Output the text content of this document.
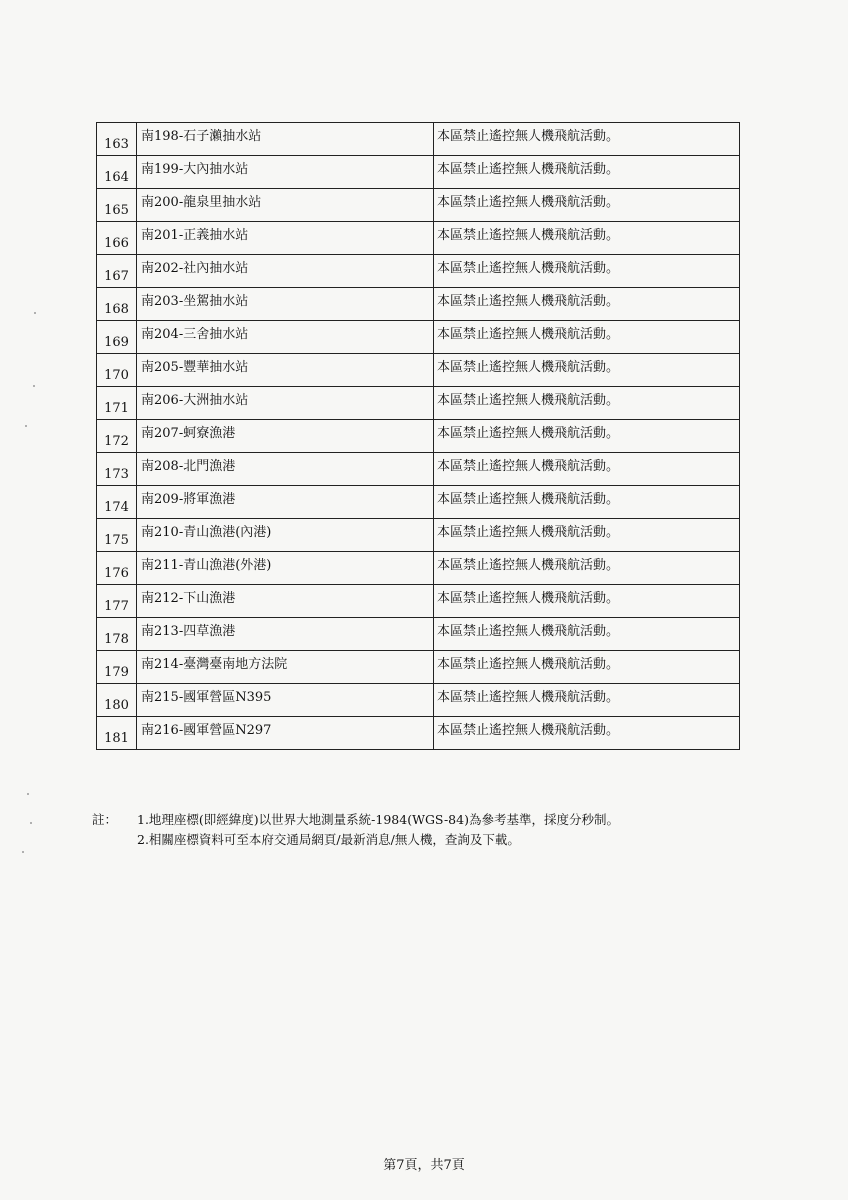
163	南198-石子瀨抽水站	本區禁止遙控無人機飛航活動。
164	南199-大內抽水站	本區禁止遙控無人機飛航活動。
165	南200-龍泉里抽水站	本區禁止遙控無人機飛航活動。
166	南201-正義抽水站	本區禁止遙控無人機飛航活動。
167	南202-社內抽水站	本區禁止遙控無人機飛航活動。
168	南203-坐駕抽水站	本區禁止遙控無人機飛航活動。
169	南204-三舍抽水站	本區禁止遙控無人機飛航活動。
170	南205-豐華抽水站	本區禁止遙控無人機飛航活動。
171	南206-大洲抽水站	本區禁止遙控無人機飛航活動。
172	南207-蚵寮漁港	本區禁止遙控無人機飛航活動。
173	南208-北門漁港	本區禁止遙控無人機飛航活動。
174	南209-將軍漁港	本區禁止遙控無人機飛航活動。
175	南210-青山漁港(內港)	本區禁止遙控無人機飛航活動。
176	南211-青山漁港(外港)	本區禁止遙控無人機飛航活動。
177	南212-下山漁港	本區禁止遙控無人機飛航活動。
178	南213-四草漁港	本區禁止遙控無人機飛航活動。
179	南214-臺灣臺南地方法院	本區禁止遙控無人機飛航活動。
180	南215-國軍營區N395	本區禁止遙控無人機飛航活動。
181	南216-國軍營區N297	本區禁止遙控無人機飛航活動。
註：	1.地理座標(即經緯度)以世界大地測量系統-1984(WGS-84)為參考基準，採度分秒制。
2.相關座標資料可至本府交通局網頁/最新消息/無人機，查詢及下載。
第7頁，共7頁
